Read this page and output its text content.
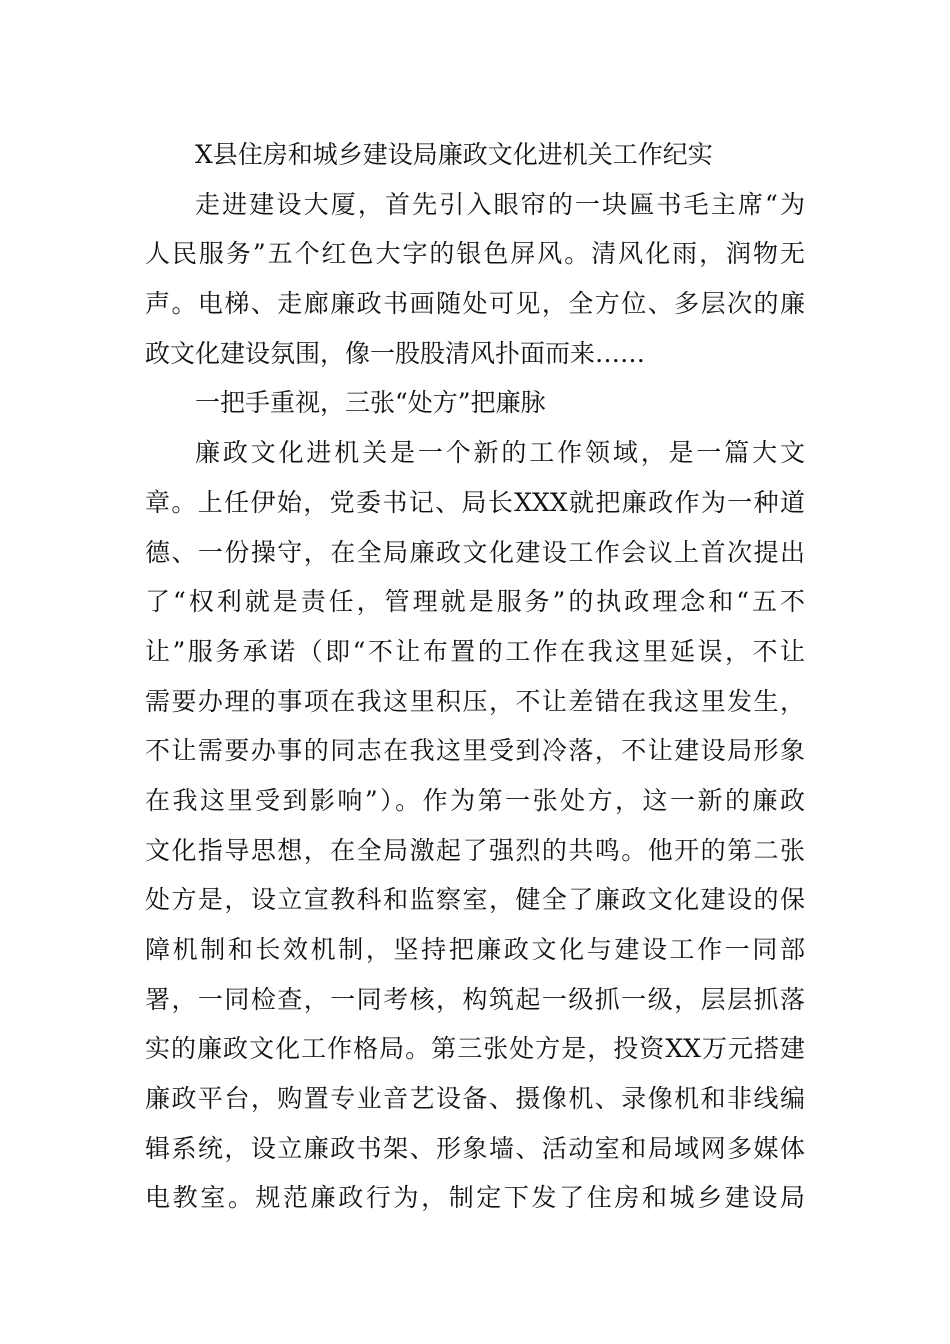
X县住房和城乡建设局廉政文化进机关工作纪实
走进建设大厦，首先引入眼帘的一块匾书毛主席“为
人民服务”五个红色大字的银色屏风。清风化雨，润物无
声。电梯、走廊廉政书画随处可见，全方位、多层次的廉
政文化建设氛围，像一股股清风扑面而来……
一把手重视，三张“处方”把廉脉
廉政文化进机关是一个新的工作领域，是一篇大文
章。上任伊始，党委书记、局长XXX就把廉政作为一种道
德、一份操守，在全局廉政文化建设工作会议上首次提出
了“权利就是责任，管理就是服务”的执政理念和“五不
让”服务承诺（即“不让布置的工作在我这里延误，不让
需要办理的事项在我这里积压，不让差错在我这里发生，
不让需要办事的同志在我这里受到冷落，不让建设局形象
在我这里受到影响”）。作为第一张处方，这一新的廉政
文化指导思想，在全局激起了强烈的共鸣。他开的第二张
处方是，设立宣教科和监察室，健全了廉政文化建设的保
障机制和长效机制，坚持把廉政文化与建设工作一同部
署，一同检查，一同考核，构筑起一级抓一级，层层抓落
实的廉政文化工作格局。第三张处方是，投资XX万元搭建
廉政平台，购置专业音艺设备、摄像机、录像机和非线编
辑系统，设立廉政书架、形象墙、活动室和局域网多媒体
电教室。规范廉政行为，制定下发了住房和城乡建设局
